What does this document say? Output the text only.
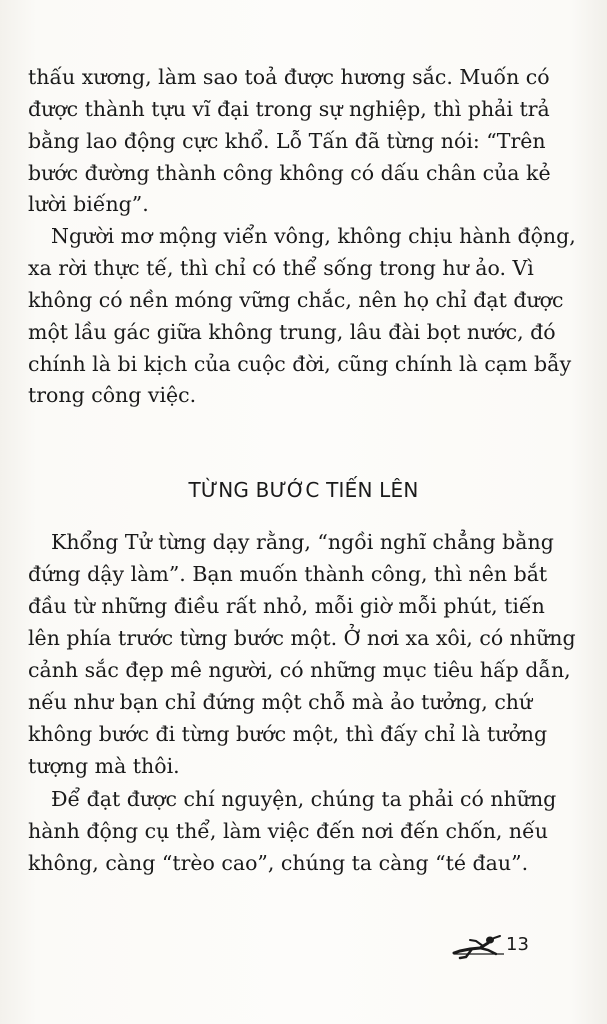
thấu xương, làm sao toả được hương sắc. Muốn có
được thành tựu vĩ đại trong sự nghiệp, thì phải trả
bằng lao động cực khổ. Lỗ Tấn đã từng nói: “Trên
bước đường thành công không có dấu chân của kẻ
lười biếng”.
Người mơ mộng viển vông, không chịu hành động,
xa rời thực tế, thì chỉ có thể sống trong hư ảo. Vì
không có nền móng vững chắc, nên họ chỉ đạt được
một lầu gác giữa không trung, lâu đài bọt nước, đó
chính là bi kịch của cuộc đời, cũng chính là cạm bẫy
trong công việc.
Khổng Tử từng dạy rằng, “ngồi nghĩ chẳng bằng
đứng dậy làm”. Bạn muốn thành công, thì nên bắt
đầu từ những điều rất nhỏ, mỗi giờ mỗi phút, tiến
lên phía trước từng bước một. Ở nơi xa xôi, có những
cảnh sắc đẹp mê người, có những mục tiêu hấp dẫn,
nếu như bạn chỉ đứng một chỗ mà ảo tưởng, chứ
không bước đi từng bước một, thì đấy chỉ là tưởng
tượng mà thôi.
Để đạt được chí nguyện, chúng ta phải có những
hành động cụ thể, làm việc đến nơi đến chốn, nếu
không, càng “trèo cao”, chúng ta càng “té đau”.
TỪNG BƯỚC TIẾN LÊN
13
